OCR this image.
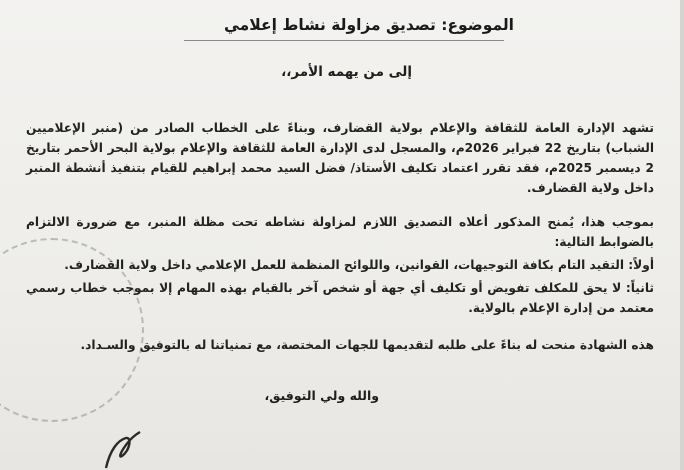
الموضوع: تصديق مزاولة نشاط إعلامي
إلى من يهمه الأمر،،
تشهد الإدارة العامة للثقافة والإعلام بولاية القضارف، وبناءً على الخطاب الصادر من (منبر الإعلاميين الشباب) بتاريخ 22 فبراير 2026م، والمسجل لدى الإدارة العامة للثقافة والإعلام بولاية البحر الأحمر بتاريخ 2 ديسمبر 2025م، فقد تقرر اعتماد تكليف الأستاذ/ فضل السيد محمد إبراهيم للقيام بتنفيذ أنشطة المنبر داخل ولاية القضارف.
بموجب هذا، يُمنح المذكور أعلاه التصديق اللازم لمزاولة نشاطه تحت مظلة المنبر، مع ضرورة الالتزام بالضوابط التالية:
أولاً: التقيد التام بكافة التوجيهات، القوانين، واللوائح المنظمة للعمل الإعلامي داخل ولاية القضارف.
ثانياً: لا يحق للمكلف تفويض أو تكليف أي جهة أو شخص آخر بالقيام بهذه المهام إلا بموجب خطاب رسمي معتمد من إدارة الإعلام بالولاية.
هذه الشهادة منحت له بناءً على طلبه لتقديمها للجهات المختصة، مع تمنياتنا له بالتوفيق والسـداد.
والله ولي التوفيق،
